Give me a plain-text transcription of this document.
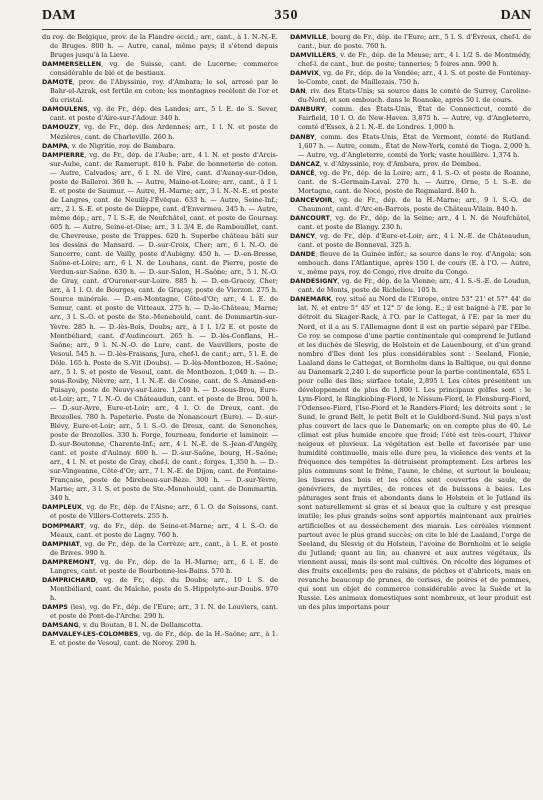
DAM	350	DAN

du roy. de Belgique, prov. de la Flandre occid.; arr., cant., à 1. N.-N.-E. de Bruges. 800 h. — Autre, canal, même pays; il s'étend depuis Bruges jusqu'à la Lieve.

DAMMERSELLEN, vg. de Suisse, cant. de Lucerne; commerce considérable de blé et de bestiaux.

DAMOTE, prov. de l'Abyssinie, roy. d'Ambara; le sol, arrosé par le Bahr-el-Azrak, est fertile en coton; les montagnes recèlent de l'or et du cristal.

DAMOULENS, vg. de Fr., dép. des Landes; arr., 5 l. E. de S. Sever, cant. et poste d'Aire-sur-l'Adour. 340 h.

DAMOUZY, vg. de Fr., dép. des Ardennes; arr., 1 l. N. et poste de Mézières, cant. de Charleville. 260 h.

DAMPA, v. de Nigritie, roy. de Bambara.

DAMPIERRE, vg. de Fr., dép. de l'Aube; arr., 4 l. N. et poste d'Arcis-sur-Aube, cant. de Ramerupt. 810 h. Fabr. de bonneterie de coton. — Autre, Calvados; arr., 6 l. N. de Vire, cant. d'Aunay-sur-Odon, poste de Balleroi. 360 h. — Autre, Maine-et-Loire; arr., cant., à 1 l. E. et poste de Saumur. — Autre, H.-Marne; arr., 3 l. N.-N.-E. et poste de Langres, cant. de Neuilly-l'Évêque. 633 h. — Autre, Seine-Inf.; arr., 2 l. S.-E. et poste de Dieppe, cant. d'Envermeu. 345 h. — Autre, même dép.; arr., 7 l. S.-E. de Neufchâtel, cant. et poste de Gournay. 605 h. — Autre, Seine-et-Oise; arr., 3 l. 3/4 E. de Rambouillet, cant. de Chevreuse, poste de Trappes. 620 h. Superbe château bâti sur les dessins de Mansard. — D.-sur-Croix, Cher; arr., 6 l. N.-O. de Sancerre, cant. de Vailly, poste d'Aubigny. 450 h. — D.-en-Bresse, Saône-et-Loire; arr., 6 l. N. de Louhans, cant. de Pierre, poste de Verdun-sur-Saône. 630 h. — D.-sur-Salon, H.-Saône; arr., 5 l. N.-O. de Gray, cant. d'Ouroner-sur-Loire. 885 h. — D.-en-Gracey, Cher; arr., à 1 l. O. de Bourges, cant. de Graçay, poste de Vierzon. 275 h. Source minérale. — D.-en-Montagne, Côte-d'Or; arr., 4 l. E. de Semur, cant. et poste de Vitteaux. 275 h. — D.-le-Château, Marne; arr., 3 l. S.-O. et poste de Ste.-Menehould, cant. de Dommartin-sur-Yèvre. 285 h. — D.-lès-Bois, Doubs; arr., à 1 l. 1/2 E. et poste de Montbéliard, cant. d'Audincourt. 265 h. — D.-lès-Conflans, H.-Saône; arr., 9 l. N.-N.-O. de Lure, cant. de Vauvillers, poste de Vesoul. 545 h. — D.-lès-Fraisans, Jura, chef-l. de cant.; arr., 5 l. E. de Dôle. 165 h. Poste de S.-Vit (Doubs). — D.-lès-Montbozon, H.-Saône; arr., 5 l. S. et poste de Vesoul, cant. de Montbozon. 1,040 h. — D.-sous-Rouby, Nièvre; arr., 1 l. N.-E. de Cosne, cant. de S.-Amand-en-Puisaye, poste de Neuvy-sur-Loire. 1,240 h. — D.-sous-Brou, Eure-et-Loir; arr., 7 l. N.-O. de Châteaudun, cant. et poste de Brou. 500 h. — D.-sur-Avre, Eure-et-Loir; arr., 4 l. O. de Dreux, cant. de Brozolles. 780 h. Papeterie. Poste de Nonancourt (Eure). — D.-sur-Blévy, Eure-et-Loir; arr., 5 l. S.-O. de Dreux, cant. de Senonches, poste de Brozolles. 330 h. Forge, fourneau, fonderie et laminoir. — D.-sur-Boutonne, Charente-Inf.; arr., 4 l. N.-E. de S.-Jean-d'Angély, cant. et poste d'Aulnay. 600 h. — D.-sur-Saône, bourg, H.-Saône; arr., 4 l. N. et poste de Gray, chef-l. de cant.; forges. 1,350 h. — D.-sur-Vingeanne, Côte-d'Or; arr., 7 l. N.-E. de Dijon, cant. de Fontaine-Française, poste de Mirebeau-sur-Bèze. 300 h. — D.-sur-Yèvre, Marne; arr., 3 l. S. et poste de Ste.-Menehould, cant. de Dommartin. 340 h.

DAMPLEUX, vg. de Fr., dép. de l'Aisne; arr., 6 l. O. de Soissons, cant. et poste de Villers-Cotterets. 255 h.

DOMPMART, vg. de Fr., dép. de Seine-et-Marne; arr., 4 l. S.-O. de Meaux, cant. et poste de Lagny. 760 h.

DAMPNIAT, vg. de Fr., dép. de la Corrèze; arr., cant., à 1. E. et poste de Brives. 990 h.

DAMPREMONT, vg. de Fr., dép. de la H.-Marne; arr., 6 l. E. de Langres, cant. et poste de Bourbonne-les-Bains. 570 h.

DAMPRICHARD, vg. de Fr., dép. du Doubs; arr., 10 l. S. de Montbéliard, cant. de Maîche, poste de S.-Hippolyte-sur-Doubs. 970 h.

DAMPS (les), vg. de Fr., dép. de l'Eure; arr., 3 l. N. de Louviers, cant. et poste de Pont-de-l'Arche. 290 h.

DAMSANG, v. du Boutan, 8 l. N. de Dellamcotta.

DAMVALEY-LES-COLOMBES, vg. de Fr., dép. de la H.-Saône; arr., à 1. E. et poste de Vesoul, cant. de Noroy. 290 h.

DAMVILLE, bourg de Fr., dép. de l'Eure; arr., 5 l. S. d'Évreux, chef-l. de cant., bur. de poste. 760 h.

DAMVILLERS, v. de Fr., dép. de la Meuse; arr., 4 l. 1/2 S. de Montmédy, chef-l. de cant., bur. de poste; tanneries; 5 foires ann. 990 h.

DAMVIX, vg. de Fr., dép. de la Vendée; arr., 4 l. S. et poste de Fontenay-le-Comte, cant. de Maillezais. 750 h.

DAN, riv. des États-Unis; sa source dans le comté de Surrey, Caroline-du-Nord, et son embouch. dans le Roanoke, après 50 l. de cours.

DANBURY, comm. des États-Unis, État de Connecticut, comté de Fairfield, 10 l. O. de New-Haven. 3,875 h. — Autre, vg. d'Angleterre, comté d'Essex, à 2 l. N.-E. de Londres. 1,000 h.

DANBY, comm. des États-Unis, État de Vermont, comté de Rutland. 1,607 h. — Autre, comm., État de New-York, comté de Tioga. 2,000 h. — Autre, vg. d'Angleterre, comté de York; vaste houillère. 1,374 h.

DANCAZ, v. d'Abyssinie, roy. d'Ambara, prov. de Dembea.

DANCÉ, vg. de Fr., dép. de la Loire; arr., 4 l. S.-O. et poste de Roanne, cant. de S.-Germain-Laval. 270 h. — Autre, Orne, 5 l. S.-E. de Mortagne, cant. de Nocé, poste de Regmalard. 840 h.

DANCEVOIR, vg. de Fr., dép. de la H.-Marne; arr., 9 l. S.-O. de Chaumont, cant. d'Arc-en-Barrois, poste de Château-Vilain. 840 h.

DANCOURT, vg. de Fr., dép. de la Seine; arr., 4 l. N. de Neufchâtel, cant. et poste de Blangy. 230 h.

DANCY, vg. de Fr., dép. d'Eure-et-Loir; arr., 4 l. N.-E. de Châteaudun, cant. et poste de Bonneval. 325 h.

DANDE, fleuve de la Guinée infér.; sa source dans le roy. d'Angola; son embouch. dans l'Atlantique, après 150 l. de cours (E. à l'O. — Autre, v., même pays, roy. de Congo, rive droite du Congo.

DANDESIGNY, vg. de Fr., dép. de la Vienne; arr., 4 l. S.-S.-E. de Loudun, cant. de Monts, poste de Richelieu. 105 h.

DANEMARK, roy. situé au Nord de l'Europe, entre 53° 21' et 57° 44' de lat. N. et entre 5° 45' et 12° 5' de long. E.; il est baigné à l'E. par le détroit du Skager-Rack, à l'O. par le Cattegat, à l'E. par la mer du Nord, et il a au S. l'Allemagne dont il est en partie séparé par l'Elbe. Ce roy. se compose d'une partie continentale qui comprend le Jutland et les duchés de Slesvig, de Holstein et de Lauenbourg, et d'un grand nombre d'îles dont les plus considérables sont : Seeland, Fionie, Laaland dans le Cattegat, et Bornholm dans la Baltique, ou qui donne au Danemark 2,240 l. de superficie pour la partie continentale, 655 l. pour celle des îles; surface totale, 2,895 l. Les côtes présentent un développement de plus de 1,800 l. Les principaux golfes sont : le Lym-Fiord, le Ringkiobing-Fiord, le Nissum-Fiord, le Flensburg-Fiord, l'Odensee-Fiord, l'Ise-Fiord et le Randers-Fiord; les détroits sont : le Sund, le grand Belt, le petit Belt et le Guldbord-Sund. Nul pays n'est plus couvert de lacs que le Danemark; on en compte plus de 40. Le climat est plus humide encore que froid; l'été est très-court, l'hiver neigeux et pluvieux. La végétation est belle et favorisée par une humidité continuelle, mais elle dure peu, la violence des vents et la fréquence des tempêtes la détruisent promptement. Les arbres les plus communs sont le frêne, l'aune, le chêne, et surtout le bouleau; les liseres des bois et les côtes sont couvertes de saule, de genévriers, de myrtiles, de ronces et de buissons à baies. Les pâturages sont frais et abondants dans le Holstein et le Jutland ils sont naturellement si gras et si beaux que la culture y est presque inutile; les plus grands soins sont apportés maintenant aux prairies artificielles et au desséchement des marais. Les céréales viennent partout avec le plus grand succès; on cite le blé de Laaland, l'orge de Seeland, du Slesvig et du Holstein, l'avoine de Bornholm et le seigle du Jutland; quant au lin, au chanvre et aux autres végétaux, ils viennent aussi, mais ils sont mal cultivés. On récolte des légumes et des fruits excellents; peu de raisins, de pêches et d'abricots, mais en revanche beaucoup de prunes, de cerises, de poires et de pommes, qui sont un objet de commerce considérable avec la Suède et la Russie. Les animaux domestiques sont nombreux, et leur produit est un des plus importans pour
